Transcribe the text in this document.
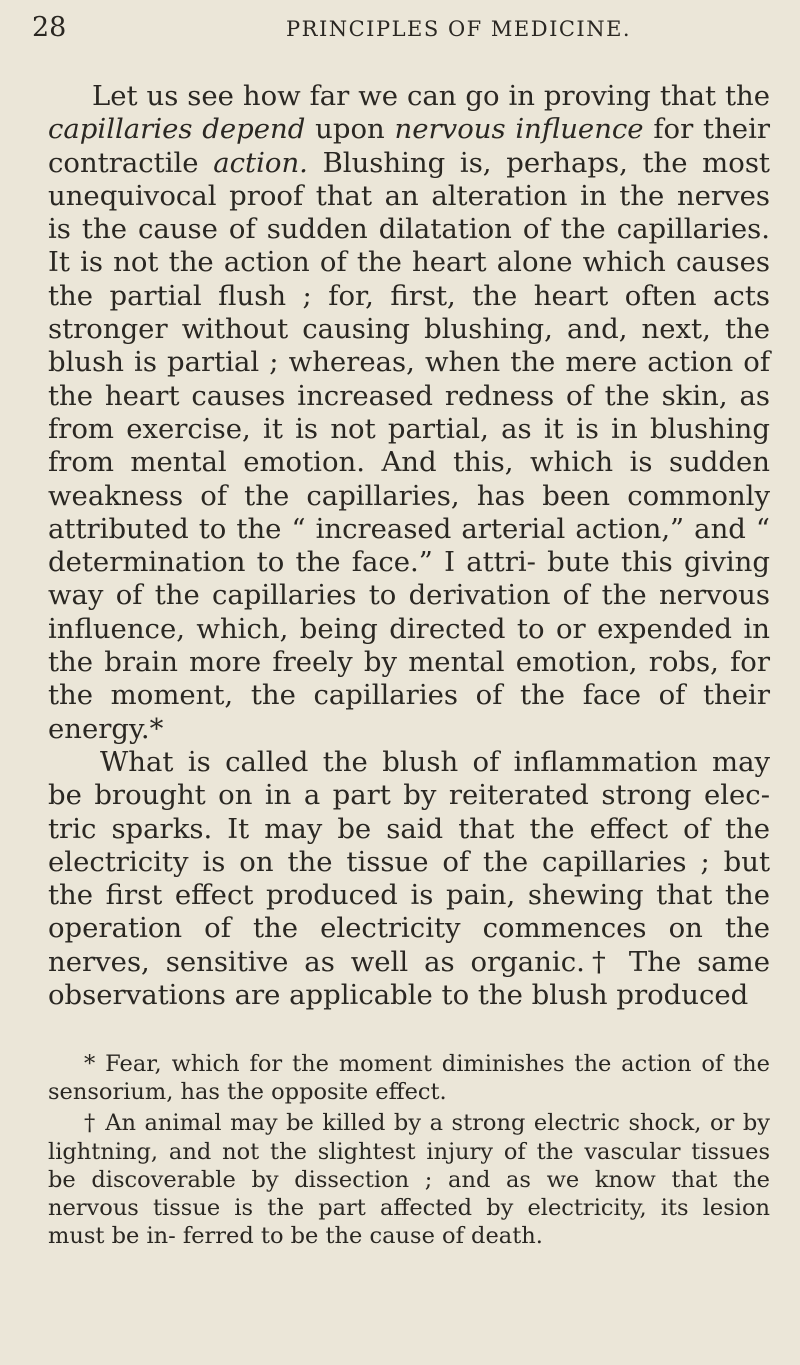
28	PRINCIPLES OF MEDICINE.

Let us see how far we can go in proving that the capillaries depend upon nervous influence for their contractile action. Blushing is, perhaps, the most unequivocal proof that an alteration in the nerves is the cause of sudden dilatation of the capillaries. It is not the action of the heart alone which causes the partial flush ; for, first, the heart often acts stronger without causing blushing, and, next, the blush is partial ; whereas, when the mere action of the heart causes increased redness of the skin, as from exercise, it is not partial, as it is in blushing from mental emotion. And this, which is sudden weakness of the capillaries, has been commonly attributed to the “ increased arterial action,” and “ determination to the face.” I attri- bute this giving way of the capillaries to derivation of the nervous influence, which, being directed to or expended in the brain more freely by mental emotion, robs, for the moment, the capillaries of the face of their energy.*

What is called the blush of inflammation may be brought on in a part by reiterated strong elec- tric sparks. It may be said that the effect of the electricity is on the tissue of the capillaries ; but the first effect produced is pain, shewing that the operation of the electricity commences on the nerves, sensitive as well as organic.† The same observations are applicable to the blush produced

* Fear, which for the moment diminishes the action of the sensorium, has the opposite effect.

† An animal may be killed by a strong electric shock, or by lightning, and not the slightest injury of the vascular tissues be discoverable by dissection ; and as we know that the nervous tissue is the part affected by electricity, its lesion must be in- ferred to be the cause of death.
